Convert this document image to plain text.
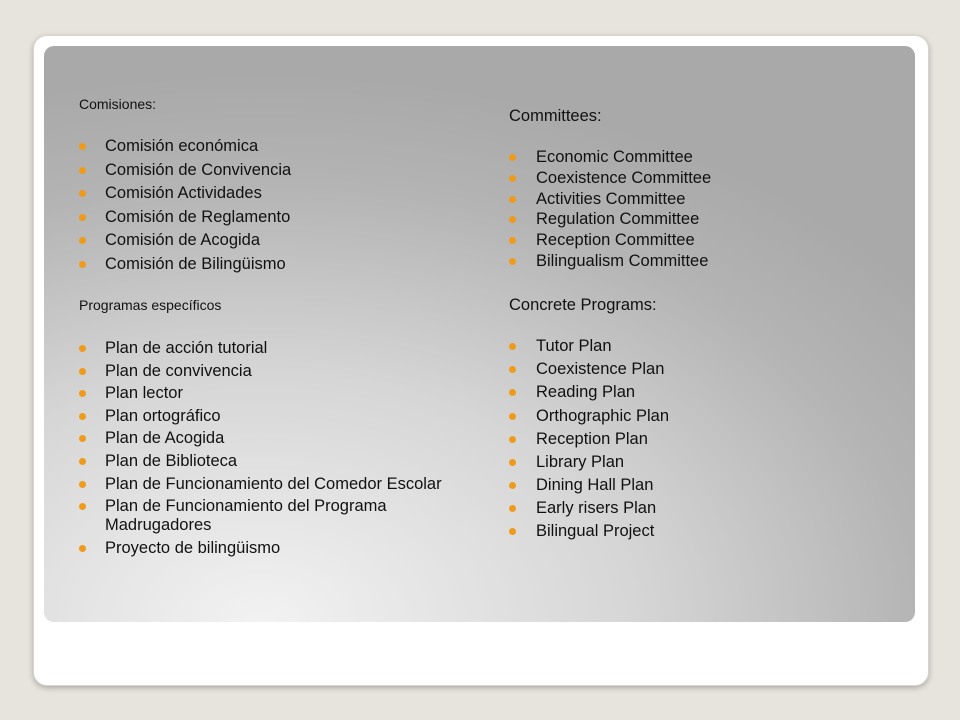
Comisiones:

Comisión económica
Comisión de Convivencia
Comisión Actividades
Comisión de Reglamento
Comisión de Acogida
Comisión de Bilingüismo

Programas específicos

Plan de acción tutorial
Plan de convivencia
Plan lector
Plan ortográfico
Plan de Acogida
Plan de Biblioteca
Plan de Funcionamiento del Comedor Escolar
Plan de Funcionamiento del Programa Madrugadores
Proyecto de bilingüismo

Committees:

Economic Committee
Coexistence Committee
Activities Committee
Regulation Committee
Reception Committee
Bilingualism Committee

Concrete Programs:

Tutor Plan
Coexistence Plan
Reading Plan
Orthographic Plan
Reception Plan
Library Plan
Dining Hall Plan
Early risers Plan
Bilingual Project
